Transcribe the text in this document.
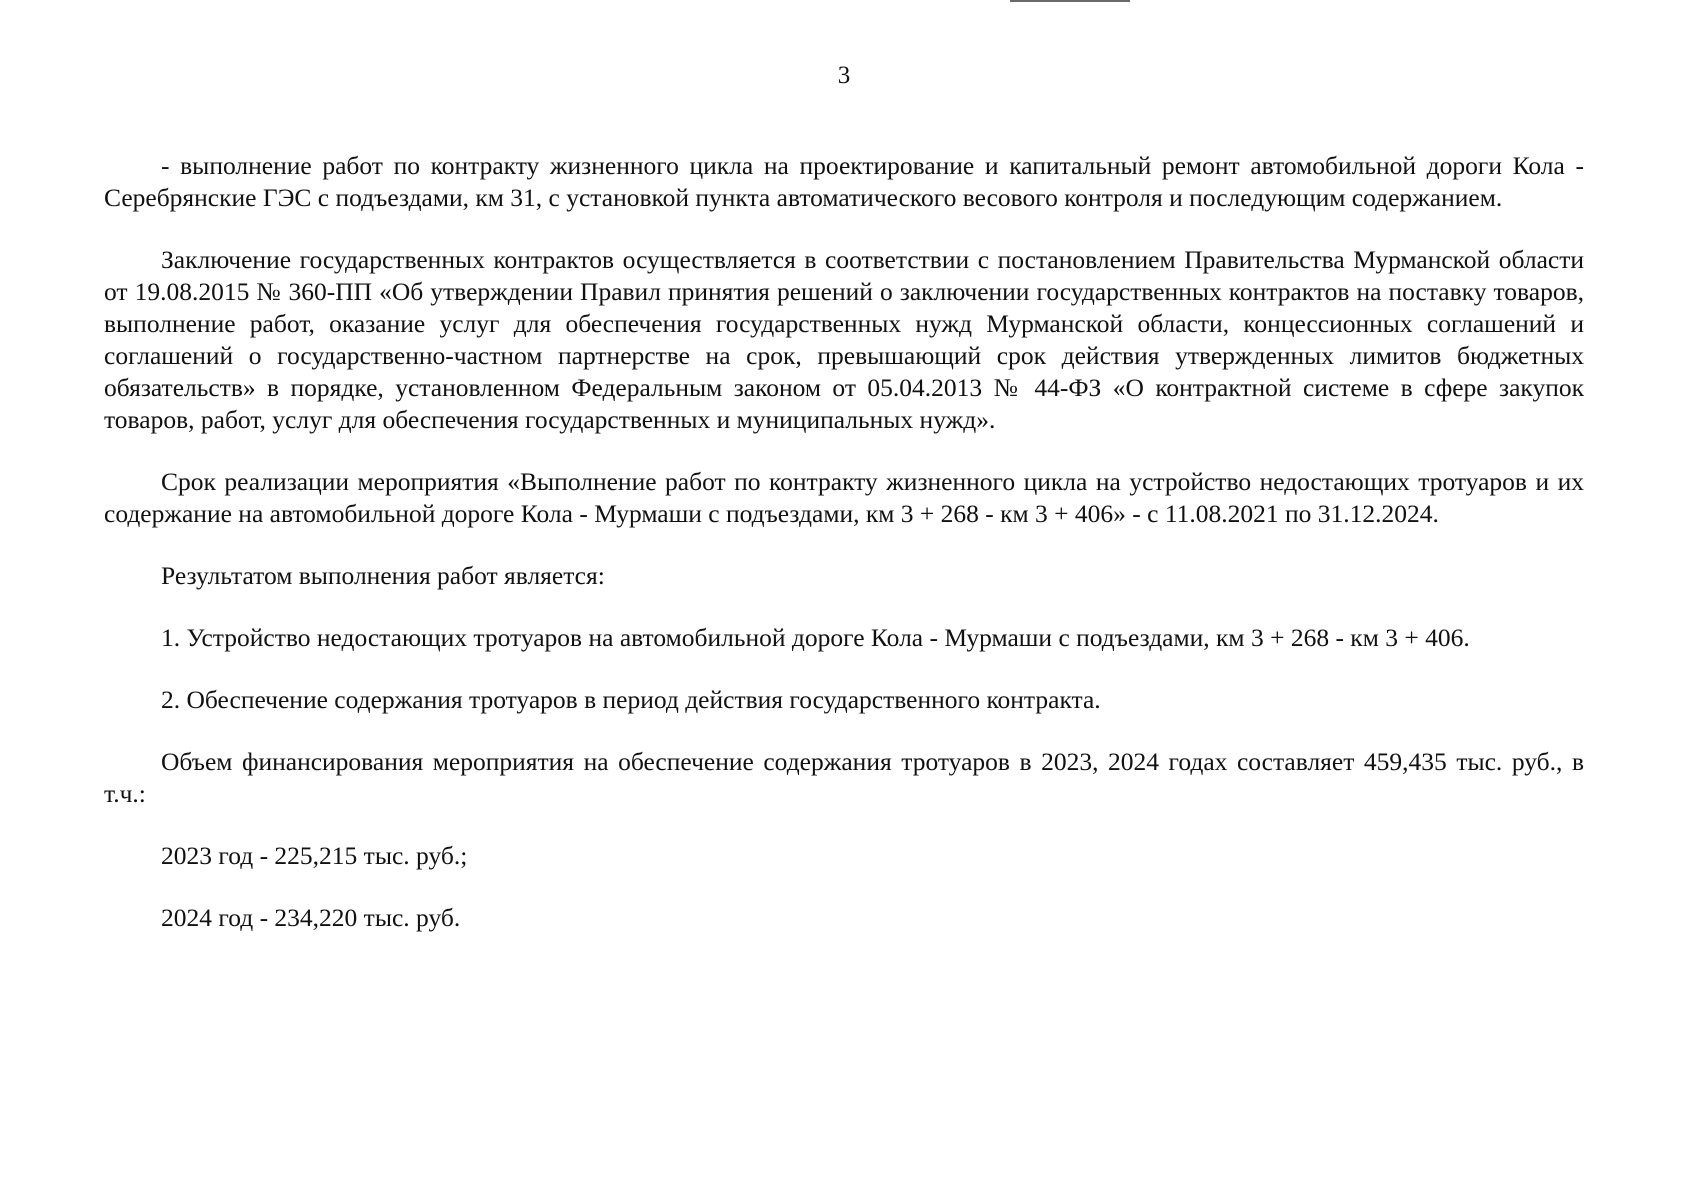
3

- выполнение работ по контракту жизненного цикла на проектирование и капитальный ремонт автомобильной дороги Кола - Серебрянские ГЭС с подъездами, км 31, с установкой пункта автоматического весового контроля и последующим содержанием.

Заключение государственных контрактов осуществляется в соответствии с постановлением Правительства Мурманской области от 19.08.2015 № 360-ПП «Об утверждении Правил принятия решений о заключении государственных контрактов на поставку товаров, выполнение работ, оказание услуг для обеспечения государственных нужд Мурманской области, концессионных соглашений и соглашений о государственно-частном партнерстве на срок, превышающий срок действия утвержденных лимитов бюджетных обязательств» в порядке, установленном Федеральным законом от 05.04.2013 № 44-ФЗ «О контрактной системе в сфере закупок товаров, работ, услуг для обеспечения государственных и муниципальных нужд».

Срок реализации мероприятия «Выполнение работ по контракту жизненного цикла на устройство недостающих тротуаров и их содержание на автомобильной дороге Кола - Мурмаши с подъездами, км 3 + 268 - км 3 + 406» - с 11.08.2021 по 31.12.2024.

Результатом выполнения работ является:

1. Устройство недостающих тротуаров на автомобильной дороге Кола - Мурмаши с подъездами, км 3 + 268 - км 3 + 406.

2. Обеспечение содержания тротуаров в период действия государственного контракта.

Объем финансирования мероприятия на обеспечение содержания тротуаров в 2023, 2024 годах составляет 459,435 тыс. руб., в т.ч.:

2023 год - 225,215 тыс. руб.;

2024 год - 234,220 тыс. руб.
